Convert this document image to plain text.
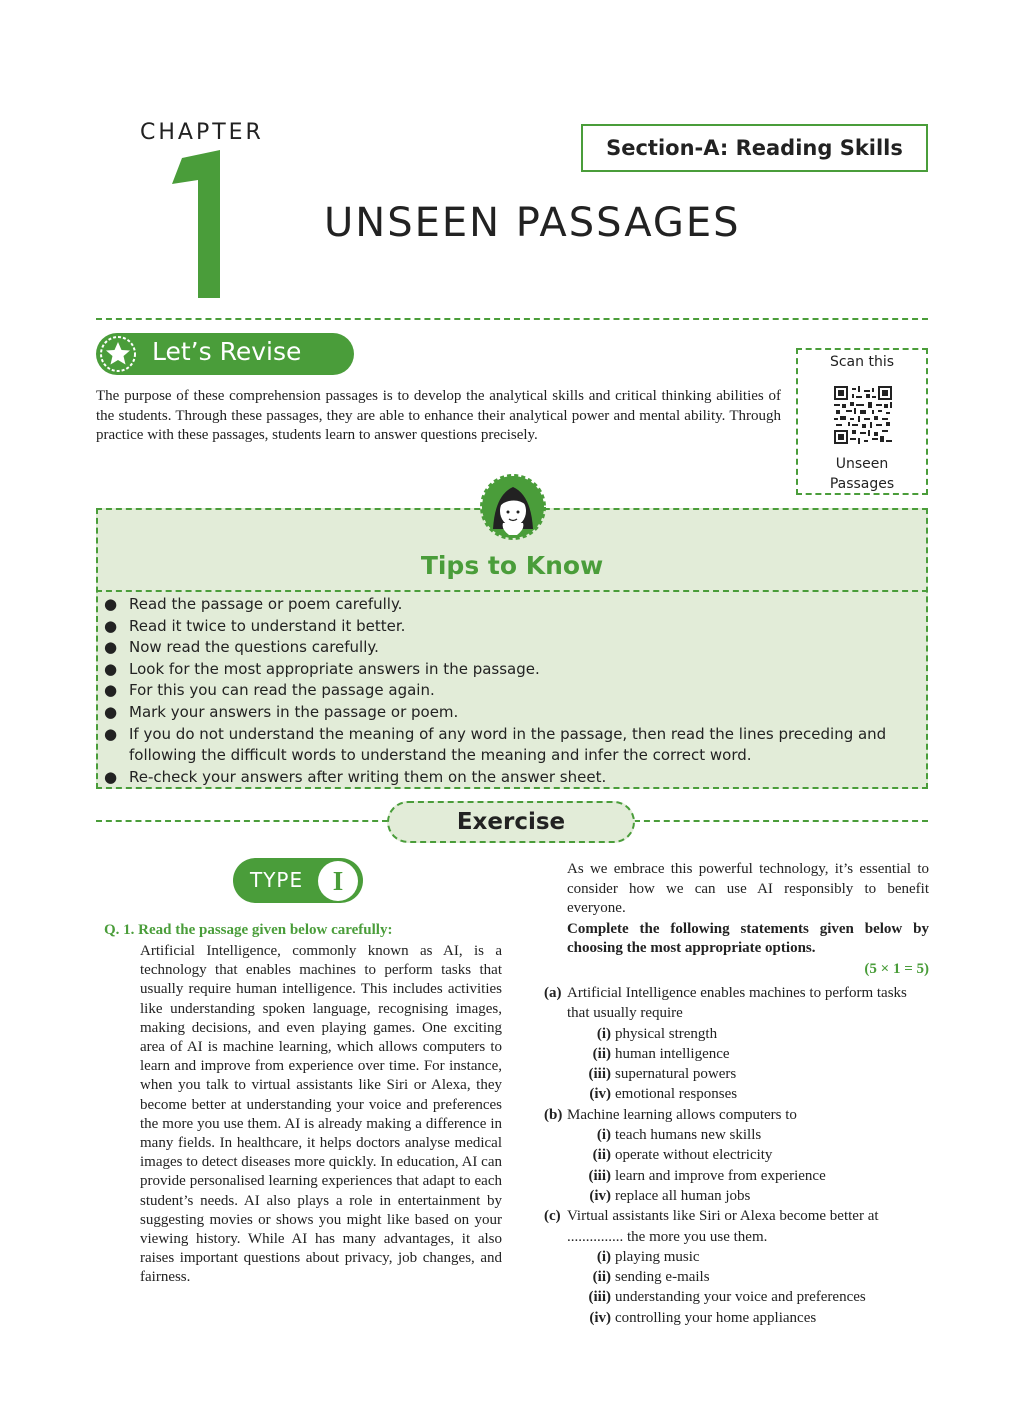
CHAPTER
1	Section-A: Reading Skills
UNSEEN PASSAGES
Let’s Revise

The purpose of these comprehension passages is to develop the analytical skills and critical thinking abilities of the students. Through these passages, they are able to enhance their analytical power and mental ability. Through practice with these passages, students learn to answer questions precisely.

Scan this
Unseen
Passages
Tips to Know
● Read the passage or poem carefully.
● Read it twice to understand it better.
● Now read the questions carefully.
● Look for the most appropriate answers in the passage.
● For this you can read the passage again.
● Mark your answers in the passage or poem.
● If you do not understand the meaning of any word in the passage, then read the lines preceding and following the difficult words to understand the meaning and infer the correct word.
● Re-check your answers after writing them on the answer sheet.
Exercise
TYPE	I
Q. 1. Read the passage given below carefully:

Artificial Intelligence, commonly known as AI, is a technology that enables machines to perform tasks that usually require human intelligence. This includes activities like understanding spoken language, recognising images, making decisions, and even playing games. One exciting area of AI is machine learning, which allows computers to learn and improve from experience over time. For instance, when you talk to virtual assistants like Siri or Alexa, they become better at understanding your voice and preferences the more you use them. AI is already making a difference in many fields. In healthcare, it helps doctors analyse medical images to detect diseases more quickly. In education, AI can provide personalised learning experiences that adapt to each student’s needs. AI also plays a role in entertainment by suggesting movies or shows you might like based on your viewing history. While AI has many advantages, it also raises important questions about privacy, job changes, and fairness.

As we embrace this powerful technology, it’s essential to consider how we can use AI responsibly to benefit everyone.

Complete the following statements given below by choosing the most appropriate options.

(5 × 1 = 5)

(a) Artificial Intelligence enables machines to perform tasks that usually require
(i) physical strength
(ii) human intelligence
(iii) supernatural powers
(iv) emotional responses
(b) Machine learning allows computers to
(i) teach humans new skills
(ii) operate without electricity
(iii) learn and improve from experience
(iv) replace all human jobs
(c) Virtual assistants like Siri or Alexa become better at ............... the more you use them.
(i) playing music
(ii) sending e-mails
(iii) understanding your voice and preferences
(iv) controlling your home appliances
